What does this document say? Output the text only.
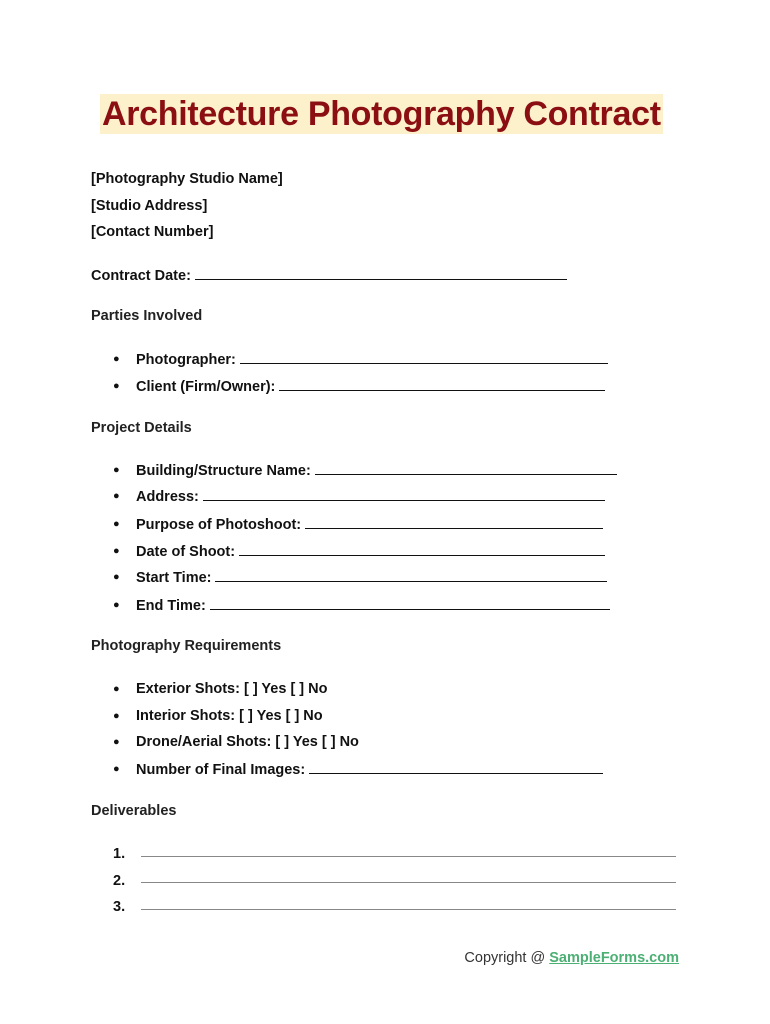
Architecture Photography Contract
[Photography Studio Name]
[Studio Address]
[Contact Number]
Contract Date:
Parties Involved
● Photographer:
● Client (Firm/Owner):
Project Details
● Building/Structure Name:
● Address:
● Purpose of Photoshoot:
● Date of Shoot:
● Start Time:
● End Time:
Photography Requirements
● Exterior Shots: [ ] Yes [ ] No
● Interior Shots: [ ] Yes [ ] No
● Drone/Aerial Shots: [ ] Yes [ ] No
● Number of Final Images:
Deliverables
1.
2.
3.
Copyright @ SampleForms.com
